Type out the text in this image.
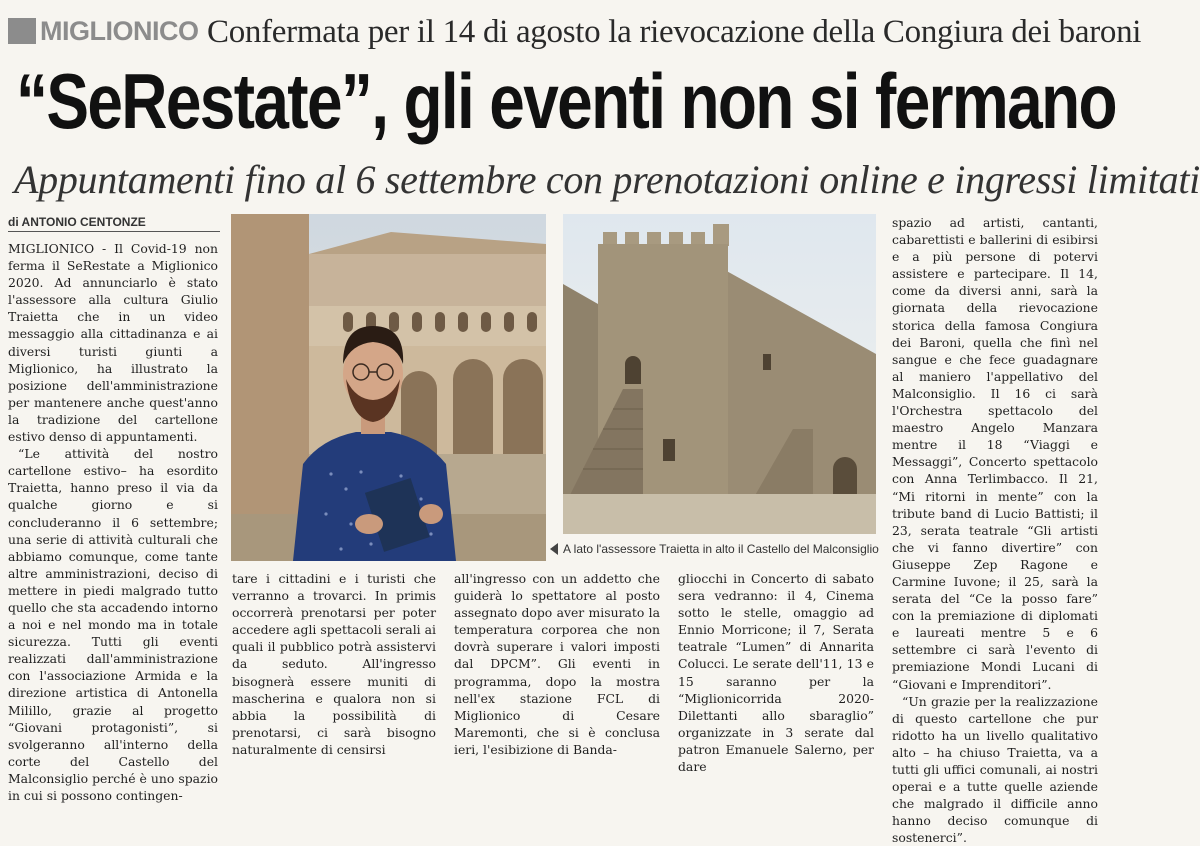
MIGLIONICO Confermata per il 14 di agosto la rievocazione della Congiura dei baroni
“SeRestate”, gli eventi non si fermano
Appuntamenti fino al 6 settembre con prenotazioni online e ingressi limitati
di ANTONIO CENTONZE

MIGLIONICO - Il Covid-19 non ferma il SeRestate a Miglionico 2020. Ad annunciarlo è stato l'assessore alla cultura Giulio Traietta che in un video messaggio alla cittadinanza e ai diversi turisti giunti a Miglionico, ha illustrato la posizione dell'amministrazione per mantenere anche quest'anno la tradizione del cartellone estivo denso di appuntamenti.

“Le attività del nostro cartellone estivo– ha esordito Traietta, hanno preso il via da qualche giorno e si concluderanno il 6 settembre; una serie di attività culturali che abbiamo comunque, come tante altre amministrazioni, deciso di mettere in piedi malgrado tutto quello che sta accadendo intorno a noi e nel mondo ma in totale sicurezza. Tutti gli eventi realizzati dall'amministrazione con l'associazione Armida e la direzione artistica di Antonella Milillo, grazie al progetto “Giovani protagonisti”, si svolgeranno all'interno della corte del Castello del Malconsiglio perché è uno spazio in cui si possono contingen-

A lato l'assessore Traietta in alto il Castello del Malconsiglio

tare i cittadini e i turisti che verranno a trovarci. In primis occorrerà prenotarsi per poter accedere agli spettacoli serali ai quali il pubblico potrà assistervi da seduto. All'ingresso bisognerà essere muniti di mascherina e qualora non si abbia la possibilità di prenotarsi, ci sarà bisogno naturalmente di censirsi

all'ingresso con un addetto che guiderà lo spettatore al posto assegnato dopo aver misurato la temperatura corporea che non dovrà superare i valori imposti dal DPCM”. Gli eventi in programma, dopo la mostra nell'ex stazione FCL di Miglionico di Cesare Maremonti, che si è conclusa ieri, l'esibizione di Banda-

gliocchi in Concerto di sabato sera vedranno: il 4, Cinema sotto le stelle, omaggio ad Ennio Morricone; il 7, Serata teatrale “Lumen” di Annarita Colucci. Le serate dell'11, 13 e 15 saranno per la “Miglionicorrida 2020- Dilettanti allo sbaraglio” organizzate in 3 serate dal patron Emanuele Salerno, per dare

spazio ad artisti, cantanti, cabarettisti e ballerini di esibirsi e a più persone di potervi assistere e partecipare. Il 14, come da diversi anni, sarà la giornata della rievocazione storica della famosa Congiura dei Baroni, quella che finì nel sangue e che fece guadagnare al maniero l'appellativo del Malconsiglio. Il 16 ci sarà l'Orchestra spettacolo del maestro Angelo Manzara mentre il 18 “Viaggi e Messaggi”, Concerto spettacolo con Anna Terlimbacco. Il 21, “Mi ritorni in mente” con la tribute band di Lucio Battisti; il 23, serata teatrale “Gli artisti che vi fanno divertire” con Giuseppe Zep Ragone e Carmine Iuvone; il 25, sarà la serata del “Ce la posso fare” con la premiazione di diplomati e laureati mentre 5 e 6 settembre ci sarà l'evento di premiazione Mondi Lucani di “Giovani e Imprenditori”.

“Un grazie per la realizzazione di questo cartellone che pur ridotto ha un livello qualitativo alto – ha chiuso Traietta, va a tutti gli uffici comunali, ai nostri operai e a tutte quelle aziende che malgrado il difficile anno hanno deciso comunque di sostenerci”.
